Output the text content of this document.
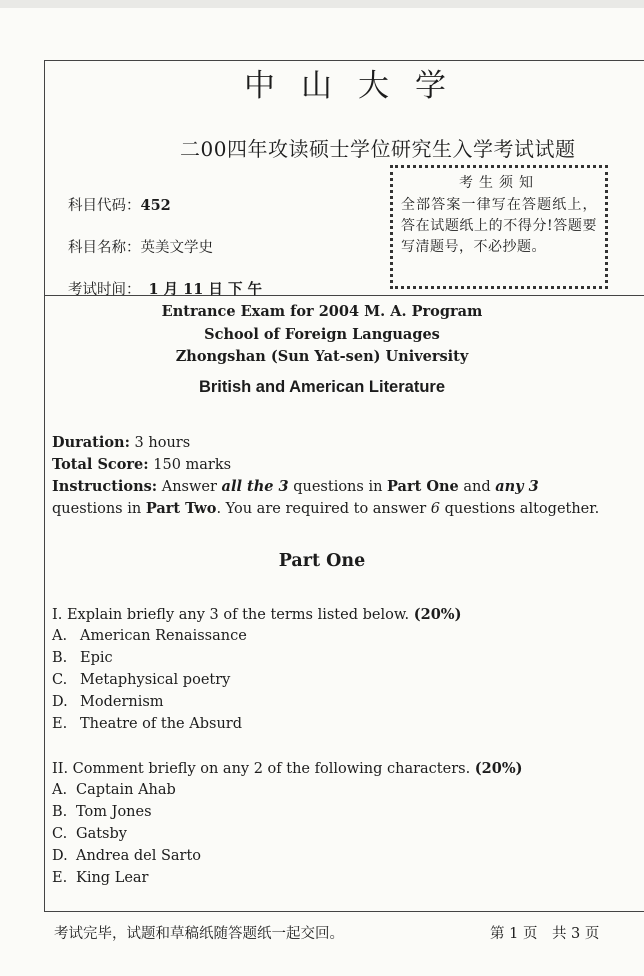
中山大学
二00四年攻读硕士学位研究生入学考试试题
科目代码：452
科目名称：英美文学史
考试时间： 1 月 11 日 下 午
考生须知
全部答案一律写在答题纸上，答在试题纸上的不得分!答题要写清题号，不必抄题。
Entrance Exam for 2004 M. A. Program
School of Foreign Languages
Zhongshan (Sun Yat-sen) University
British and American Literature
Duration: 3 hours
Total Score: 150 marks
Instructions: Answer all the 3 questions in Part One and any 3 questions in Part Two. You are required to answer 6 questions altogether.
Part One
I. Explain briefly any 3 of the terms listed below. (20%)
A. American Renaissance
B. Epic
C. Metaphysical poetry
D. Modernism
E. Theatre of the Absurd
II. Comment briefly on any 2 of the following characters. (20%)
A. Captain Ahab
B. Tom Jones
C. Gatsby
D. Andrea del Sarto
E. King Lear
考试完毕，试题和草稿纸随答题纸一起交回。	第 1 页　共 3 页
